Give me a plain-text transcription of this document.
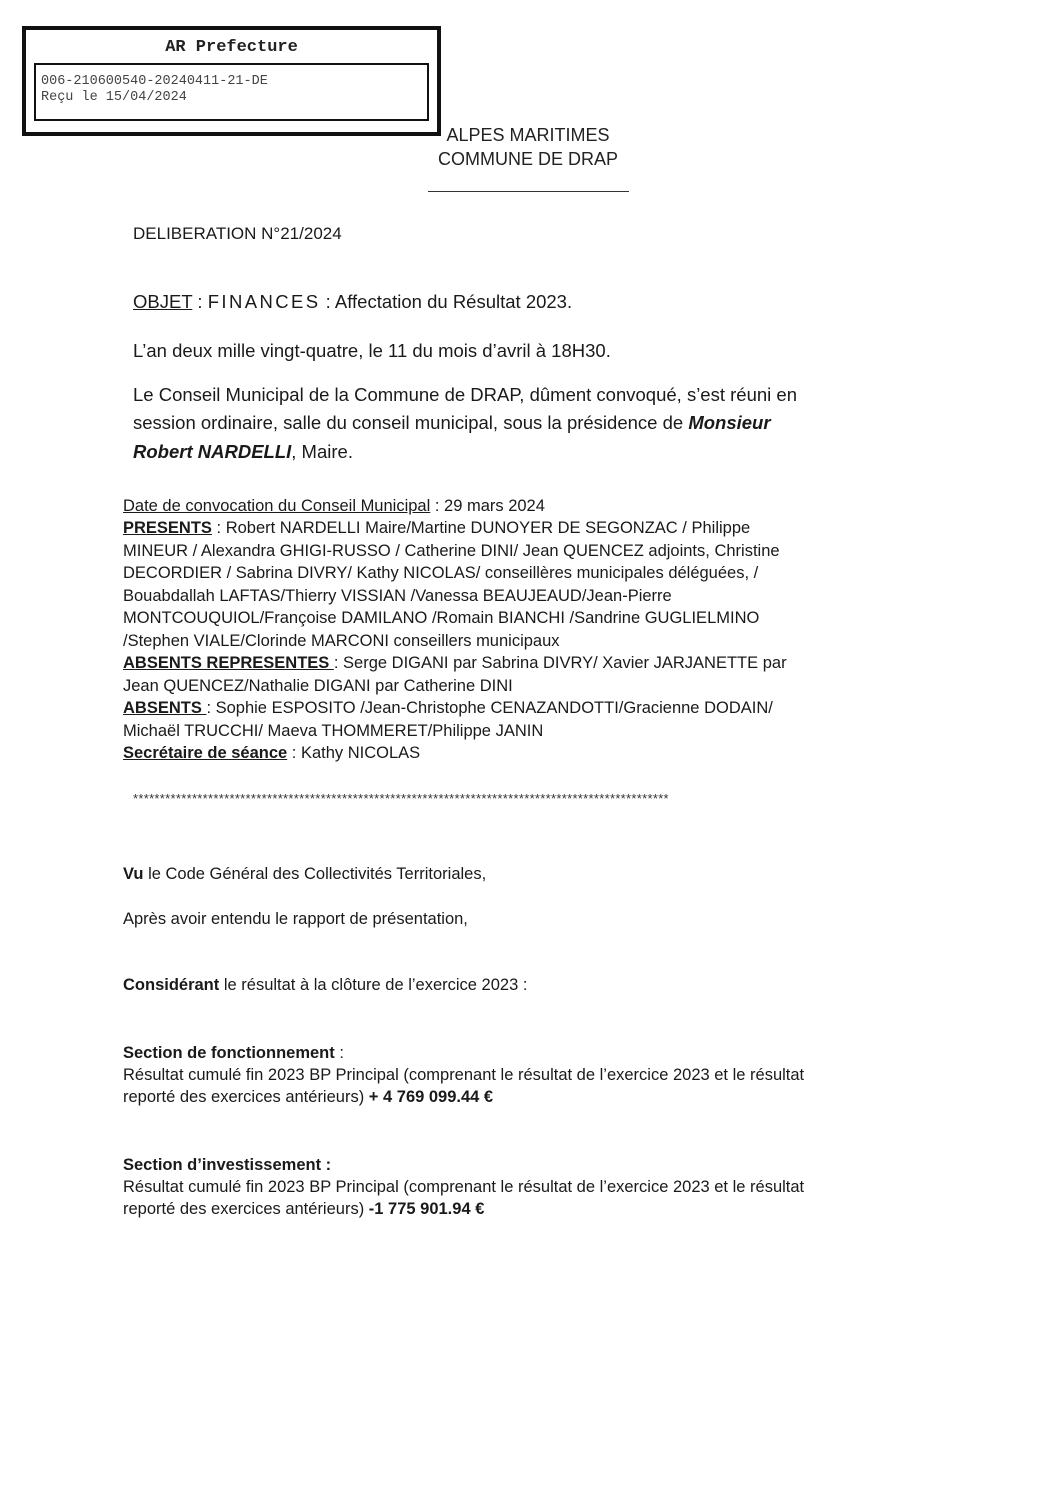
AR Prefecture
006-210600540-20240411-21-DE
Reçu le 15/04/2024
ALPES MARITIMES
COMMUNE DE DRAP
DELIBERATION N°21/2024
OBJET : FINANCES : Affectation du Résultat 2023.
L’an deux mille vingt-quatre, le 11 du mois d’avril à 18H30.
Le Conseil Municipal de la Commune de DRAP, dûment convoqué, s’est réuni en
session ordinaire, salle du conseil municipal, sous la présidence de Monsieur
Robert NARDELLI, Maire.
Date de convocation du Conseil Municipal : 29 mars 2024
PRESENTS : Robert NARDELLI Maire/Martine DUNOYER DE SEGONZAC / Philippe
MINEUR / Alexandra GHIGI-RUSSO / Catherine DINI/ Jean QUENCEZ adjoints, Christine
DECORDIER / Sabrina DIVRY/ Kathy NICOLAS/ conseillères municipales déléguées, /
Bouabdallah LAFTAS/Thierry VISSIAN /Vanessa BEAUJEAUD/Jean-Pierre
MONTCOUQUIOL/Françoise DAMILANO /Romain BIANCHI /Sandrine GUGLIELMINO
/Stephen VIALE/Clorinde MARCONI conseillers municipaux
ABSENTS REPRESENTES : Serge DIGANI par Sabrina DIVRY/ Xavier JARJANETTE par
Jean QUENCEZ/Nathalie DIGANI par Catherine DINI
ABSENTS : Sophie ESPOSITO /Jean-Christophe CENAZANDOTTI/Gracienne DODAIN/
Michaël TRUCCHI/ Maeva THOMMERET/Philippe JANIN
Secrétaire de séance : Kathy NICOLAS
****************************************************************************************************
Vu le Code Général des Collectivités Territoriales,
Après avoir entendu le rapport de présentation,
Considérant le résultat à la clôture de l’exercice 2023 :
Section de fonctionnement :
Résultat cumulé fin 2023 BP Principal (comprenant le résultat de l’exercice 2023 et le résultat
reporté des exercices antérieurs) + 4 769 099.44 €
Section d’investissement :
Résultat cumulé fin 2023 BP Principal (comprenant le résultat de l’exercice 2023 et le résultat
reporté des exercices antérieurs) -1 775 901.94 €
